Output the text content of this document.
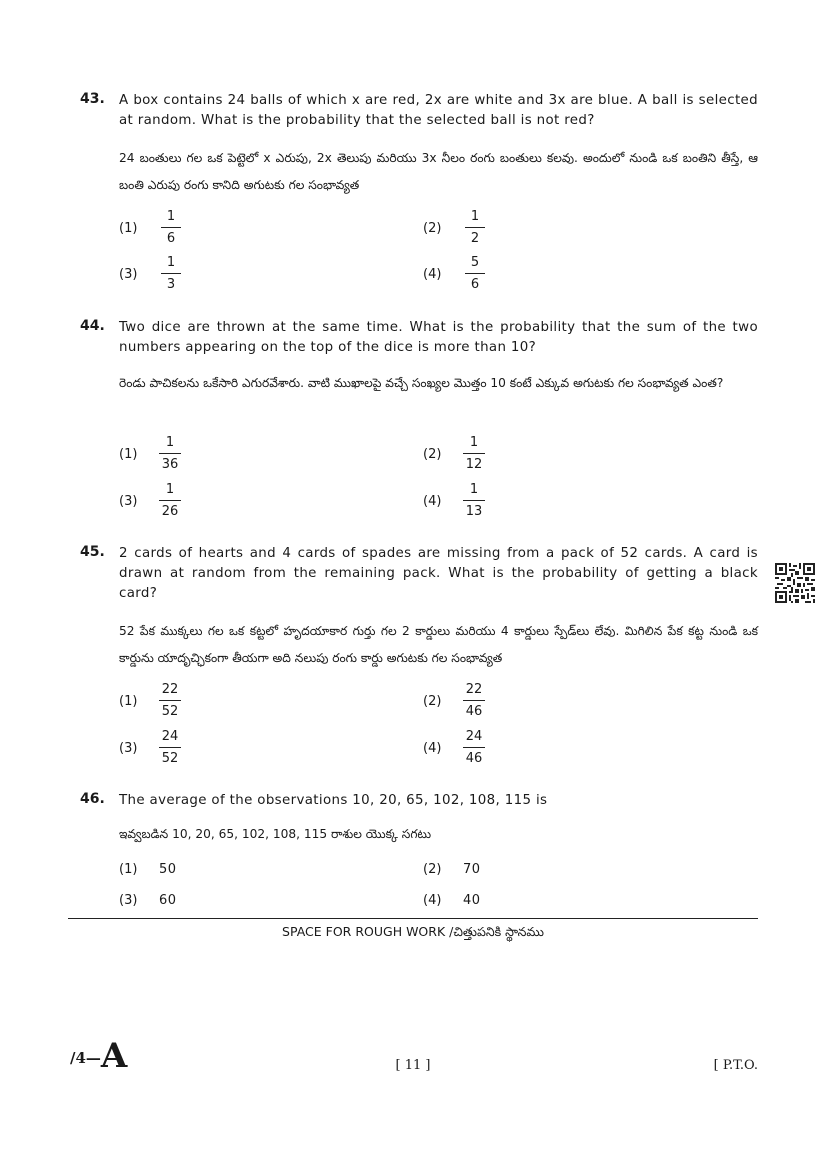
43. A box contains 24 balls of which x are red, 2x are white and 3x are blue. A ball is selected at random. What is the probability that the selected ball is not red?
24 బంతులు గల ఒక పెట్టెలో x ఎరుపు, 2x తెలుపు మరియు 3x నీలం రంగు బంతులు కలవు. అందులో నుండి ఒక బంతిని తీస్తే, ఆ బంతి ఎరుపు రంగు కానిది అగుటకు గల సంభావ్యత
$(1) \frac{1}{6}$	$(2) \frac{1}{2}$
$(3) \frac{1}{3}$	$(4) \frac{5}{6}$
44. Two dice are thrown at the same time. What is the probability that the sum of the two numbers appearing on the top of the dice is more than 10?
రెండు పాచికలను ఒకేసారి ఎగురవేశారు. వాటి ముఖాలపై వచ్చే సంఖ్యల మొత్తం 10 కంటే ఎక్కువ అగుటకు గల సంభావ్యత ఎంత?
$(1) \frac{1}{36}$	$(2) \frac{1}{12}$
$(3) \frac{1}{26}$	$(4) \frac{1}{13}$
45. 2 cards of hearts and 4 cards of spades are missing from a pack of 52 cards. A card is drawn at random from the remaining pack. What is the probability of getting a black card?
52 పేక ముక్కలు గల ఒక కట్టలో హృదయాకార గుర్తు గల 2 కార్డులు మరియు 4 కార్డులు స్పేడ్‌లు లేవు. మిగిలిన పేక కట్ట నుండి ఒక కార్డును యాదృచ్ఛికంగా తీయగా అది నలుపు రంగు కార్డు అగుటకు గల సంభావ్యత
$(1) \frac{22}{52}$	$(2) \frac{22}{46}$
$(3) \frac{24}{52}$	$(4) \frac{24}{46}$
46. The average of the observations 10, 20, 65, 102, 108, 115 is
ఇవ్వబడిన 10, 20, 65, 102, 108, 115 రాశుల యొక్క సగటు
(1) 50	(2) 70
(3) 60	(4) 40
SPACE FOR ROUGH WORK /చిత్తుపనికి స్థానము
/4—A	[ 11 ]	[ P.T.O.
